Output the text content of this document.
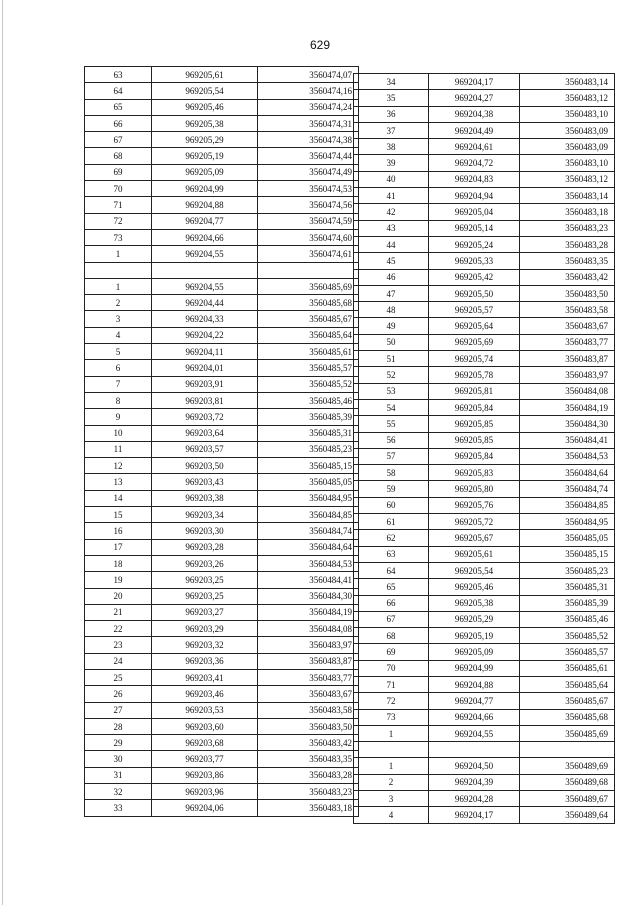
629
63	969205,61	3560474,07
64	969205,54	3560474,16
65	969205,46	3560474,24
66	969205,38	3560474,31
67	969205,29	3560474,38
68	969205,19	3560474,44
69	969205,09	3560474,49
70	969204,99	3560474,53
71	969204,88	3560474,56
72	969204,77	3560474,59
73	969204,66	3560474,60
1	969204,55	3560474,61

1	969204,55	3560485,69
2	969204,44	3560485,68
3	969204,33	3560485,67
4	969204,22	3560485,64
5	969204,11	3560485,61
6	969204,01	3560485,57
7	969203,91	3560485,52
8	969203,81	3560485,46
9	969203,72	3560485,39
10	969203,64	3560485,31
11	969203,57	3560485,23
12	969203,50	3560485,15
13	969203,43	3560485,05
14	969203,38	3560484,95
15	969203,34	3560484,85
16	969203,30	3560484,74
17	969203,28	3560484,64
18	969203,26	3560484,53
19	969203,25	3560484,41
20	969203,25	3560484,30
21	969203,27	3560484,19
22	969203,29	3560484,08
23	969203,32	3560483,97
24	969203,36	3560483,87
25	969203,41	3560483,77
26	969203,46	3560483,67
27	969203,53	3560483,58
28	969203,60	3560483,50
29	969203,68	3560483,42
30	969203,77	3560483,35
31	969203,86	3560483,28
32	969203,96	3560483,23
33	969204,06	3560483,18
34	969204,17	3560483,14
35	969204,27	3560483,12
36	969204,38	3560483,10
37	969204,49	3560483,09
38	969204,61	3560483,09
39	969204,72	3560483,10
40	969204,83	3560483,12
41	969204,94	3560483,14
42	969205,04	3560483,18
43	969205,14	3560483,23
44	969205,24	3560483,28
45	969205,33	3560483,35
46	969205,42	3560483,42
47	969205,50	3560483,50
48	969205,57	3560483,58
49	969205,64	3560483,67
50	969205,69	3560483,77
51	969205,74	3560483,87
52	969205,78	3560483,97
53	969205,81	3560484,08
54	969205,84	3560484,19
55	969205,85	3560484,30
56	969205,85	3560484,41
57	969205,84	3560484,53
58	969205,83	3560484,64
59	969205,80	3560484,74
60	969205,76	3560484,85
61	969205,72	3560484,95
62	969205,67	3560485,05
63	969205,61	3560485,15
64	969205,54	3560485,23
65	969205,46	3560485,31
66	969205,38	3560485,39
67	969205,29	3560485,46
68	969205,19	3560485,52
69	969205,09	3560485,57
70	969204,99	3560485,61
71	969204,88	3560485,64
72	969204,77	3560485,67
73	969204,66	3560485,68
1	969204,55	3560485,69

1	969204,50	3560489,69
2	969204,39	3560489,68
3	969204,28	3560489,67
4	969204,17	3560489,64
